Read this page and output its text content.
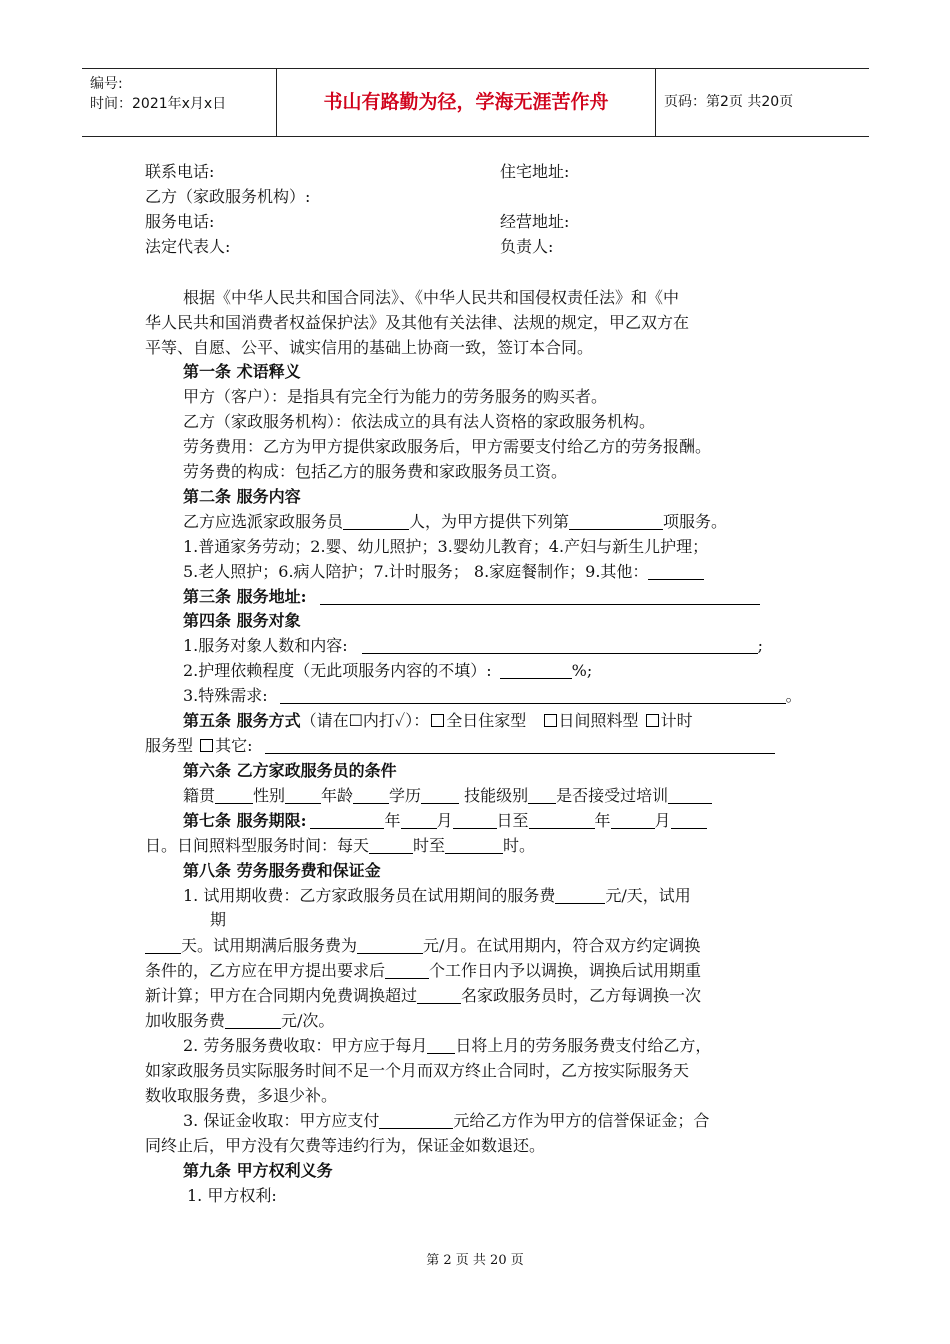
编号:
时间：2021年x月x日	书山有路勤为径，学海无涯苦作舟	页码：第2页 共20页
联系电话:	住宅地址:
乙方（家政服务机构）:
服务电话:	经营地址:
法定代表人:	负责人:
根据《中华人民共和国合同法》、《中华人民共和国侵权责任法》和《中
华人民共和国消费者权益保护法》及其他有关法律、法规的规定，甲乙双方在
平等、自愿、公平、诚实信用的基础上协商一致，签订本合同。
第一条 术语释义
甲方（客户）：是指具有完全行为能力的劳务服务的购买者。
乙方（家政服务机构）：依法成立的具有法人资格的家政服务机构。
劳务费用：乙方为甲方提供家政服务后，甲方需要支付给乙方的劳务报酬。
劳务费的构成：包括乙方的服务费和家政服务员工资。
第二条 服务内容
乙方应选派家政服务员	人，为甲方提供下列第	项服务。
1.普通家务劳动；2.婴、幼儿照护；3.婴幼儿教育；4.产妇与新生儿护理；
5.老人照护；6.病人陪护；7.计时服务； 8.家庭餐制作；9.其他：
第三条 服务地址:
第四条 服务对象
1.服务对象人数和内容:	;
2.护理依赖程度（无此项服务内容的不填）:	%;
3.特殊需求:	。
第五条 服务方式（请在☐内打✓）： 全日住家型 日间照料型 计时
服务型 其它:
第六条 乙方家政服务员的条件
籍贯 性别 年龄 学历	技能级别 是否接受过培训
第七条 服务期限:	年 月	日至	年	月
日。日间照料型服务时间：每天	时至	时。
第八条 劳务服务费和保证金
1. 试用期收费：乙方家政服务员在试用期间的服务费	元/天，试用
期
天。试用期满后服务费为	元/月。在试用期内，符合双方约定调换
条件的，乙方应在甲方提出要求后	个工作日内予以调换，调换后试用期重
新计算；甲方在合同期内免费调换超过	名家政服务员时，乙方每调换一次
加收服务费	元/次。
2. 劳务服务费收取：甲方应于每月 日将上月的劳务服务费支付给乙方，
如家政服务员实际服务时间不足一个月而双方终止合同时，乙方按实际服务天
数收取服务费，多退少补。
3. 保证金收取：甲方应支付	元给乙方作为甲方的信誉保证金；合
同终止后，甲方没有欠费等违约行为，保证金如数退还。
第九条 甲方权利义务
1. 甲方权利:
第 2 页 共 20 页
